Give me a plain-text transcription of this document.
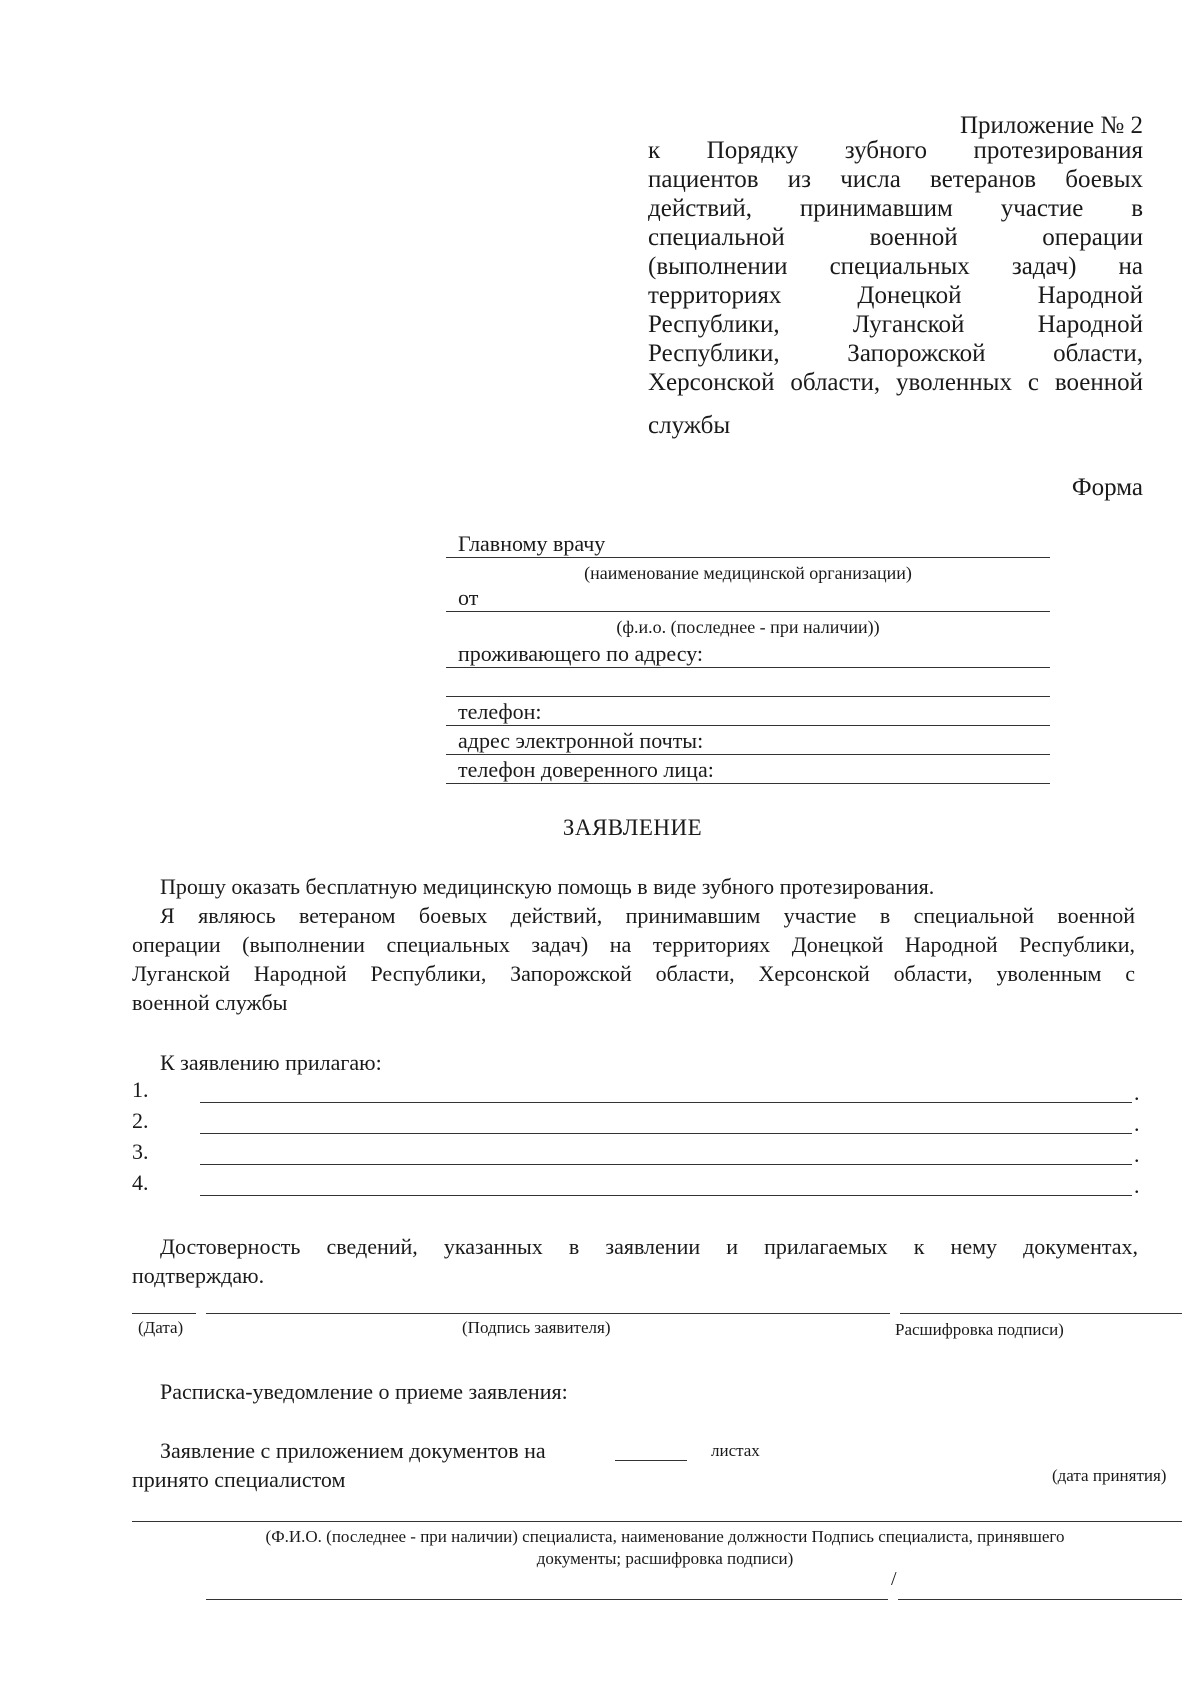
Приложение № 2
к Порядку зубного протезирования
пациентов из числа ветеранов боевых
действий, принимавшим участие в
специальной военной операции
(выполнении специальных задач) на
территориях Донецкой Народной
Республики, Луганской Народной
Республики, Запорожской области,
Херсонской области, уволенных с военной
службы
Форма
Главному врачу
(наименование медицинской организации)
от
(ф.и.о. (последнее - при наличии))
проживающего по адресу:
телефон:
адрес электронной почты:
телефон доверенного лица:
ЗАЯВЛЕНИЕ
Прошу оказать бесплатную медицинскую помощь в виде зубного протезирования.
Я являюсь ветераном боевых действий, принимавшим участие в специальной военной
операции (выполнении специальных задач) на территориях Донецкой Народной Республики,
Луганской Народной Республики, Запорожской области, Херсонской области, уволенным с
военной службы
К заявлению прилагаю:
1.	.
2.	.
3.	.
4.	.
Достоверность сведений, указанных в заявлении и прилагаемых к нему документах,
подтверждаю.
(Дата)	(Подпись заявителя)	Расшифровка подписи)
Расписка-уведомление о приеме заявления:
Заявление с приложением документов на	листах
принято специалистом	(дата принятия)
(Ф.И.О. (последнее - при наличии) специалиста, наименование должности Подпись специалиста, принявшего
документы; расшифровка подписи)
/
